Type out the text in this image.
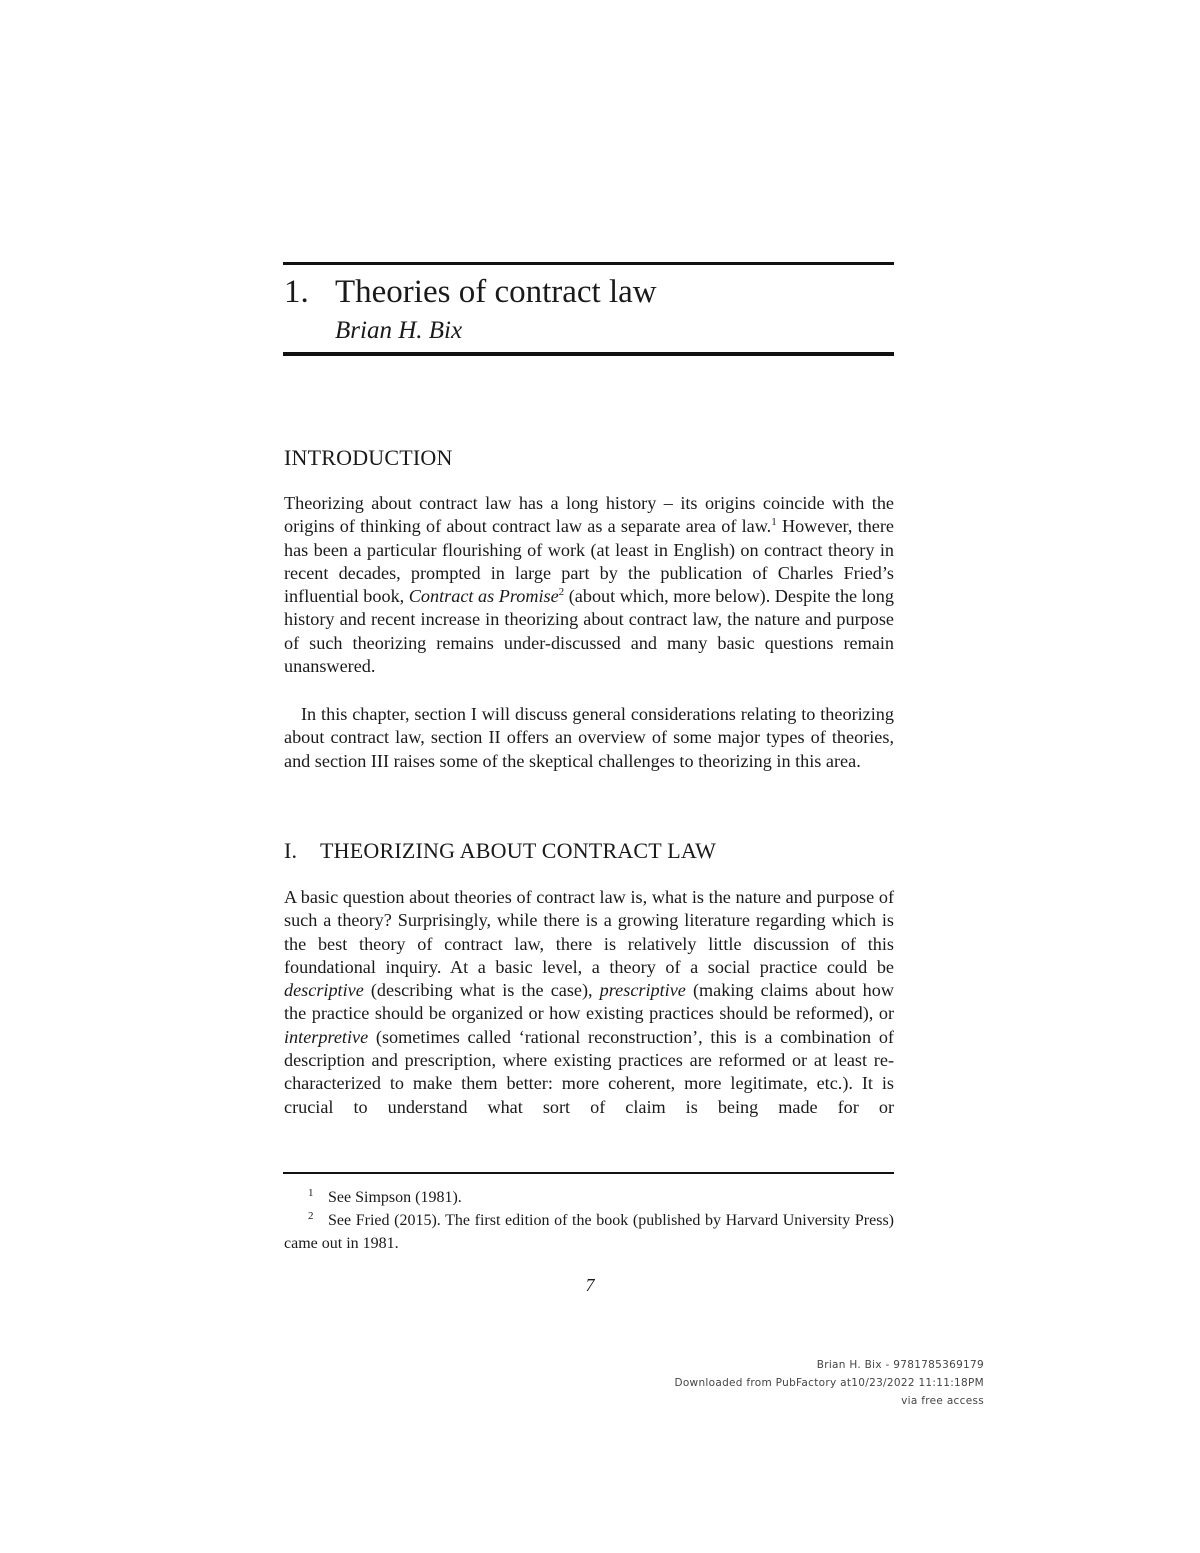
1. Theories of contract law
Brian H. Bix
INTRODUCTION

Theorizing about contract law has a long history – its origins coincide with the origins of thinking of about contract law as a separate area of law.$^1$ However, there has been a particular flourishing of work (at least in English) on contract theory in recent decades, prompted in large part by the publication of Charles Fried’s influential book, Contract as Promise$^2$ (about which, more below). Despite the long history and recent increase in theorizing about contract law, the nature and purpose of such theorizing remains under-discussed and many basic questions remain unanswered.

In this chapter, section I will discuss general considerations relating to theorizing about contract law, section II offers an overview of some major types of theories, and section III raises some of the skeptical challenges to theorizing in this area.

I. THEORIZING ABOUT CONTRACT LAW

A basic question about theories of contract law is, what is the nature and purpose of such a theory? Surprisingly, while there is a growing literature regarding which is the best theory of contract law, there is relatively little discussion of this foundational inquiry. At a basic level, a theory of a social practice could be descriptive (describing what is the case), prescriptive (making claims about how the practice should be organized or how existing practices should be reformed), or interpretive (sometimes called ‘rational reconstruction’, this is a combination of description and prescription, where existing practices are reformed or at least re-characterized to make them better: more coherent, more legitimate, etc.). It is crucial to understand what sort of claim is being made for or

1 See Simpson (1981).

2 See Fried (2015). The first edition of the book (published by Harvard University Press) came out in 1981.

7
Brian H. Bix - 9781785369179
Downloaded from PubFactory at10/23/2022 11:11:18PM
via free access
